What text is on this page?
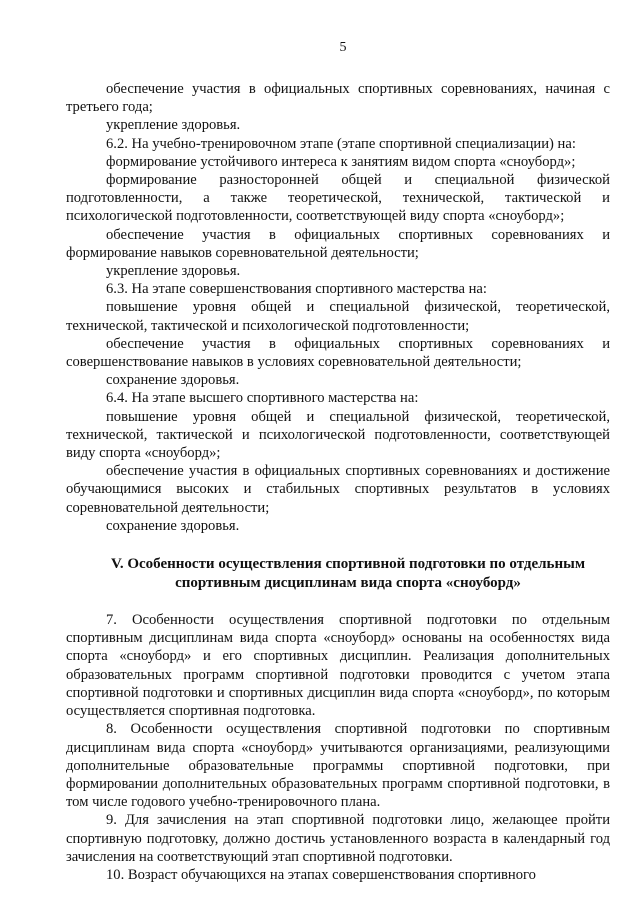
5

обеспечение участия в официальных спортивных соревнованиях, начиная с третьего года;

укрепление здоровья.

6.2. На учебно-тренировочном этапе (этапе спортивной специализации) на:

формирование устойчивого интереса к занятиям видом спорта «сноуборд»;

формирование разносторонней общей и специальной физической подготовленности, а также теоретической, технической, тактической и психологической подготовленности, соответствующей виду спорта «сноуборд»;

обеспечение участия в официальных спортивных соревнованиях и формирование навыков соревновательной деятельности;

укрепление здоровья.

6.3. На этапе совершенствования спортивного мастерства на:

повышение уровня общей и специальной физической, теоретической, технической, тактической и психологической подготовленности;

обеспечение участия в официальных спортивных соревнованиях и совершенствование навыков в условиях соревновательной деятельности;

сохранение здоровья.

6.4. На этапе высшего спортивного мастерства на:

повышение уровня общей и специальной физической, теоретической, технической, тактической и психологической подготовленности, соответствующей виду спорта «сноуборд»;

обеспечение участия в официальных спортивных соревнованиях и достижение обучающимися высоких и стабильных спортивных результатов в условиях соревновательной деятельности;

сохранение здоровья.

V. Особенности осуществления спортивной подготовки по отдельным
спортивным дисциплинам вида спорта «сноуборд»

7. Особенности осуществления спортивной подготовки по отдельным спортивным дисциплинам вида спорта «сноуборд» основаны на особенностях вида спорта «сноуборд» и его спортивных дисциплин. Реализация дополнительных образовательных программ спортивной подготовки проводится с учетом этапа спортивной подготовки и спортивных дисциплин вида спорта «сноуборд», по которым осуществляется спортивная подготовка.

8. Особенности осуществления спортивной подготовки по спортивным дисциплинам вида спорта «сноуборд» учитываются организациями, реализующими дополнительные образовательные программы спортивной подготовки, при формировании дополнительных образовательных программ спортивной подготовки, в том числе годового учебно-тренировочного плана.

9. Для зачисления на этап спортивной подготовки лицо, желающее пройти спортивную подготовку, должно достичь установленного возраста в календарный год зачисления на соответствующий этап спортивной подготовки.

10. Возраст обучающихся на этапах совершенствования спортивного
